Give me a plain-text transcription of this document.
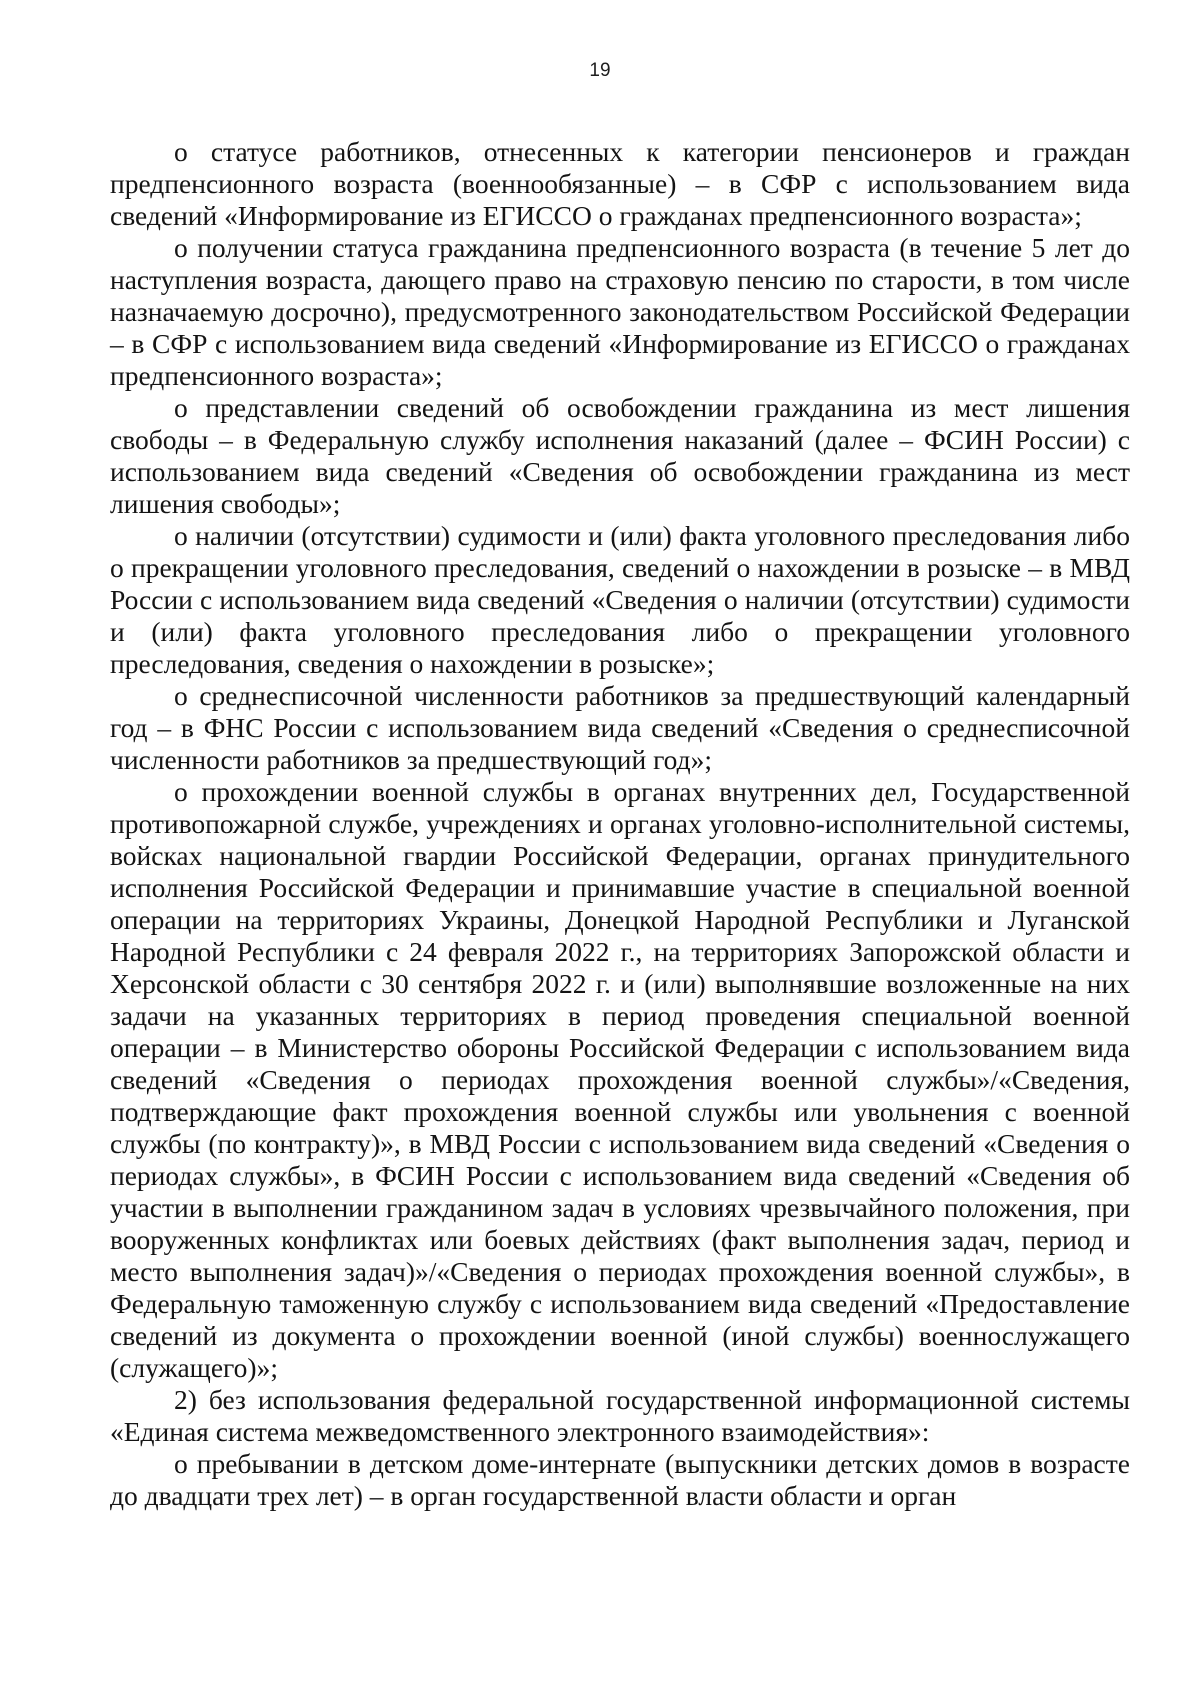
19

о статусе работников, отнесенных к категории пенсионеров и граждан предпенсионного возраста (военнообязанные) – в СФР с использованием вида сведений «Информирование из ЕГИССО о гражданах предпенсионного возраста»;

о получении статуса гражданина предпенсионного возраста (в течение 5 лет до наступления возраста, дающего право на страховую пенсию по старости, в том числе назначаемую досрочно), предусмотренного законодательством Российской Федерации – в СФР с использованием вида сведений «Информирование из ЕГИССО о гражданах предпенсионного возраста»;

о представлении сведений об освобождении гражданина из мест лишения свободы – в Федеральную службу исполнения наказаний (далее – ФСИН России) с использованием вида сведений «Сведения об освобождении гражданина из мест лишения свободы»;

о наличии (отсутствии) судимости и (или) факта уголовного преследования либо о прекращении уголовного преследования, сведений о нахождении в розыске – в МВД России с использованием вида сведений «Сведения о наличии (отсутствии) судимости и (или) факта уголовного преследования либо о прекращении уголовного преследования, сведения о нахождении в розыске»;

о среднесписочной численности работников за предшествующий календарный год – в ФНС России с использованием вида сведений «Сведения о среднесписочной численности работников за предшествующий год»;

о прохождении военной службы в органах внутренних дел, Государственной противопожарной службе, учреждениях и органах уголовно-исполнительной системы, войсках национальной гвардии Российской Федерации, органах принудительного исполнения Российской Федерации и принимавшие участие в специальной военной операции на территориях Украины, Донецкой Народной Республики и Луганской Народной Республики с 24 февраля 2022 г., на территориях Запорожской области и Херсонской области с 30 сентября 2022 г. и (или) выполнявшие возложенные на них задачи на указанных территориях в период проведения специальной военной операции – в Министерство обороны Российской Федерации с использованием вида сведений «Сведения о периодах прохождения военной службы»/«Сведения, подтверждающие факт прохождения военной службы или увольнения с военной службы (по контракту)», в МВД России с использованием вида сведений «Сведения о периодах службы», в ФСИН России с использованием вида сведений «Сведения об участии в выполнении гражданином задач в условиях чрезвычайного положения, при вооруженных конфликтах или боевых действиях (факт выполнения задач, период и место выполнения задач)»/«Сведения о периодах прохождения военной службы», в Федеральную таможенную службу с использованием вида сведений «Предоставление сведений из документа о прохождении военной (иной службы) военнослужащего (служащего)»;

2) без использования федеральной государственной информационной системы «Единая система межведомственного электронного взаимодействия»:

о пребывании в детском доме-интернате (выпускники детских домов в возрасте до двадцати трех лет) – в орган государственной власти области и орган
